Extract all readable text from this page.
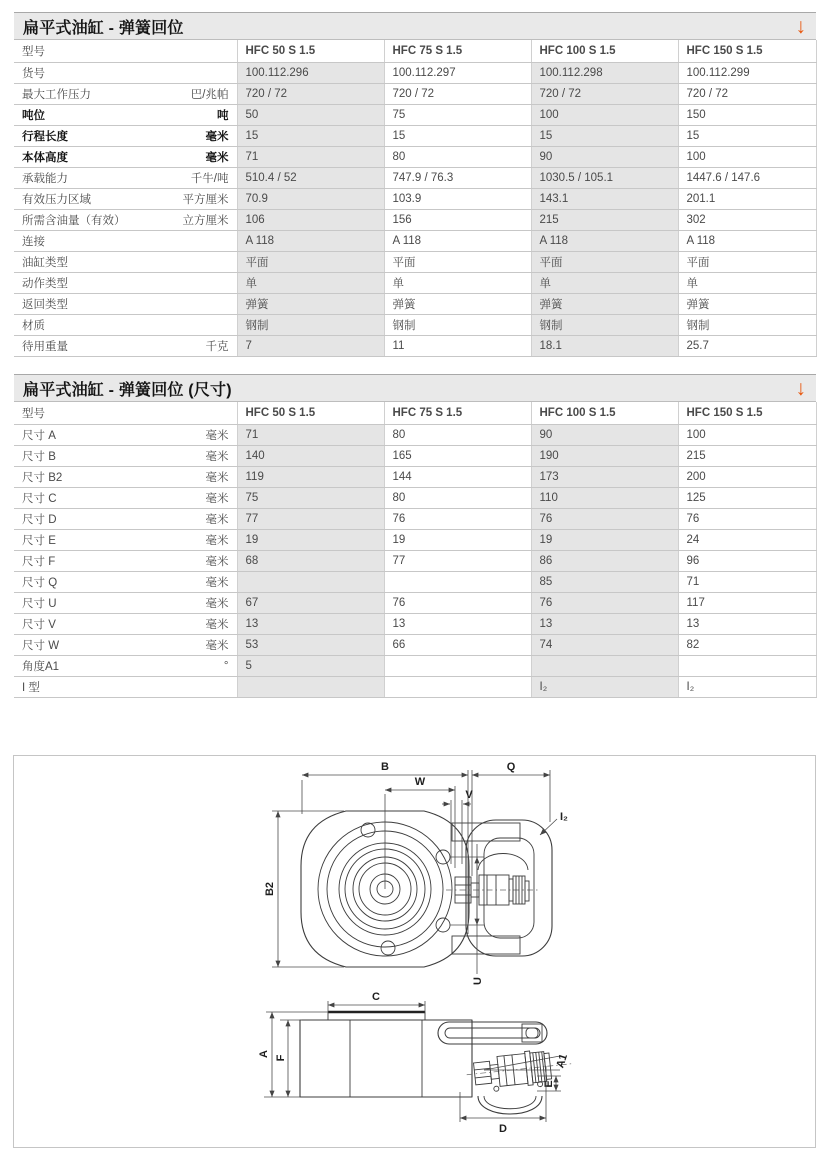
扁平式油缸 - 弹簧回位	↓
型号	HFC 50 S 1.5	HFC 75 S 1.5	HFC 100 S 1.5	HFC 150 S 1.5

货号	100.112.296	100.112.297	100.112.298	100.112.299

最大工作压力 巴/兆帕	720 / 72	720 / 72	720 / 72	720 / 72

吨位 吨	50	75	100	150

行程长度 毫米	15	15	15	15

本体高度 毫米	71	80	90	100

承载能力 千牛/吨	510.4 / 52	747.9 / 76.3	1030.5 / 105.1	1447.6 / 147.6

有效压力区域 平方厘米	70.9	103.9	143.1	201.1

所需含油量（有效） 立方厘米	106	156	215	302

连接	A 118	A 118	A 118	A 118

油缸类型	平面	平面	平面	平面

动作类型	单	单	单	单

返回类型	弹簧	弹簧	弹簧	弹簧

材质	钢制	钢制	钢制	钢制

待用重量 千克	7	11	18.1	25.7
扁平式油缸 - 弹簧回位 (尺寸)	↓
型号	HFC 50 S 1.5	HFC 75 S 1.5	HFC 100 S 1.5	HFC 150 S 1.5

尺寸 A 毫米	71	80	90	100

尺寸 B 毫米	140	165	190	215

尺寸 B2 毫米	119	144	173	200

尺寸 C 毫米	75	80	110	125

尺寸 D 毫米	77	76	76	76

尺寸 E 毫米	19	19	19	24

尺寸 F 毫米	68	77	86	96

尺寸 Q 毫米			85	71

尺寸 U 毫米	67	76	76	117

尺寸 V 毫米	13	13	13	13

尺寸 W 毫米	53	66	74	82

角度A1 °	5			

I 型			I₂	I₂
B	Q
W
V
B2
U
I₂
C
A
F	A1
E
D
